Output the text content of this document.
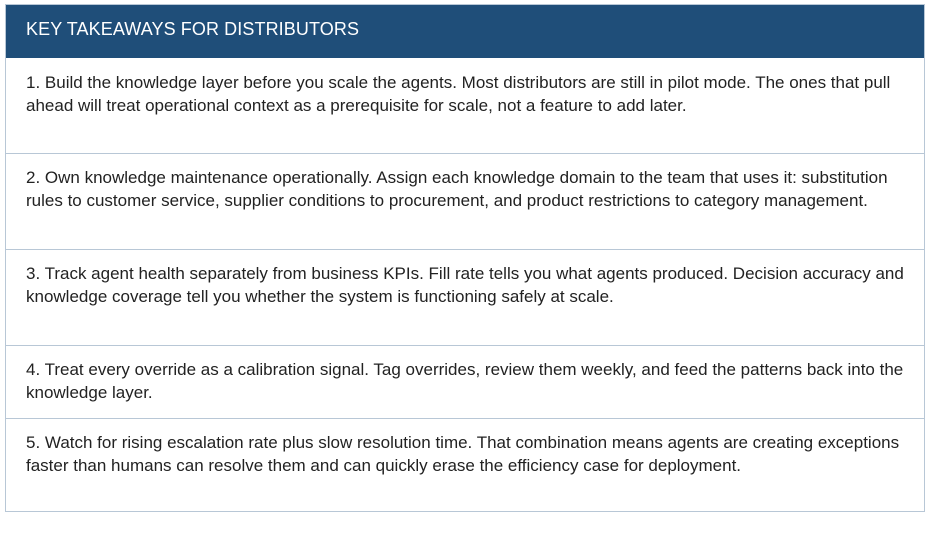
KEY TAKEAWAYS FOR DISTRIBUTORS
1. Build the knowledge layer before you scale the agents. Most distributors are still in pilot mode. The ones that pull ahead will treat operational context as a prerequisite for scale, not a feature to add later.
2. Own knowledge maintenance operationally. Assign each knowledge domain to the team that uses it: substitution rules to customer service, supplier conditions to procurement, and product restrictions to category management.
3. Track agent health separately from business KPIs. Fill rate tells you what agents produced. Decision accuracy and knowledge coverage tell you whether the system is functioning safely at scale.
4. Treat every override as a calibration signal. Tag overrides, review them weekly, and feed the patterns back into the knowledge layer.
5. Watch for rising escalation rate plus slow resolution time. That combination means agents are creating exceptions faster than humans can resolve them and can quickly erase the efficiency case for deployment.
